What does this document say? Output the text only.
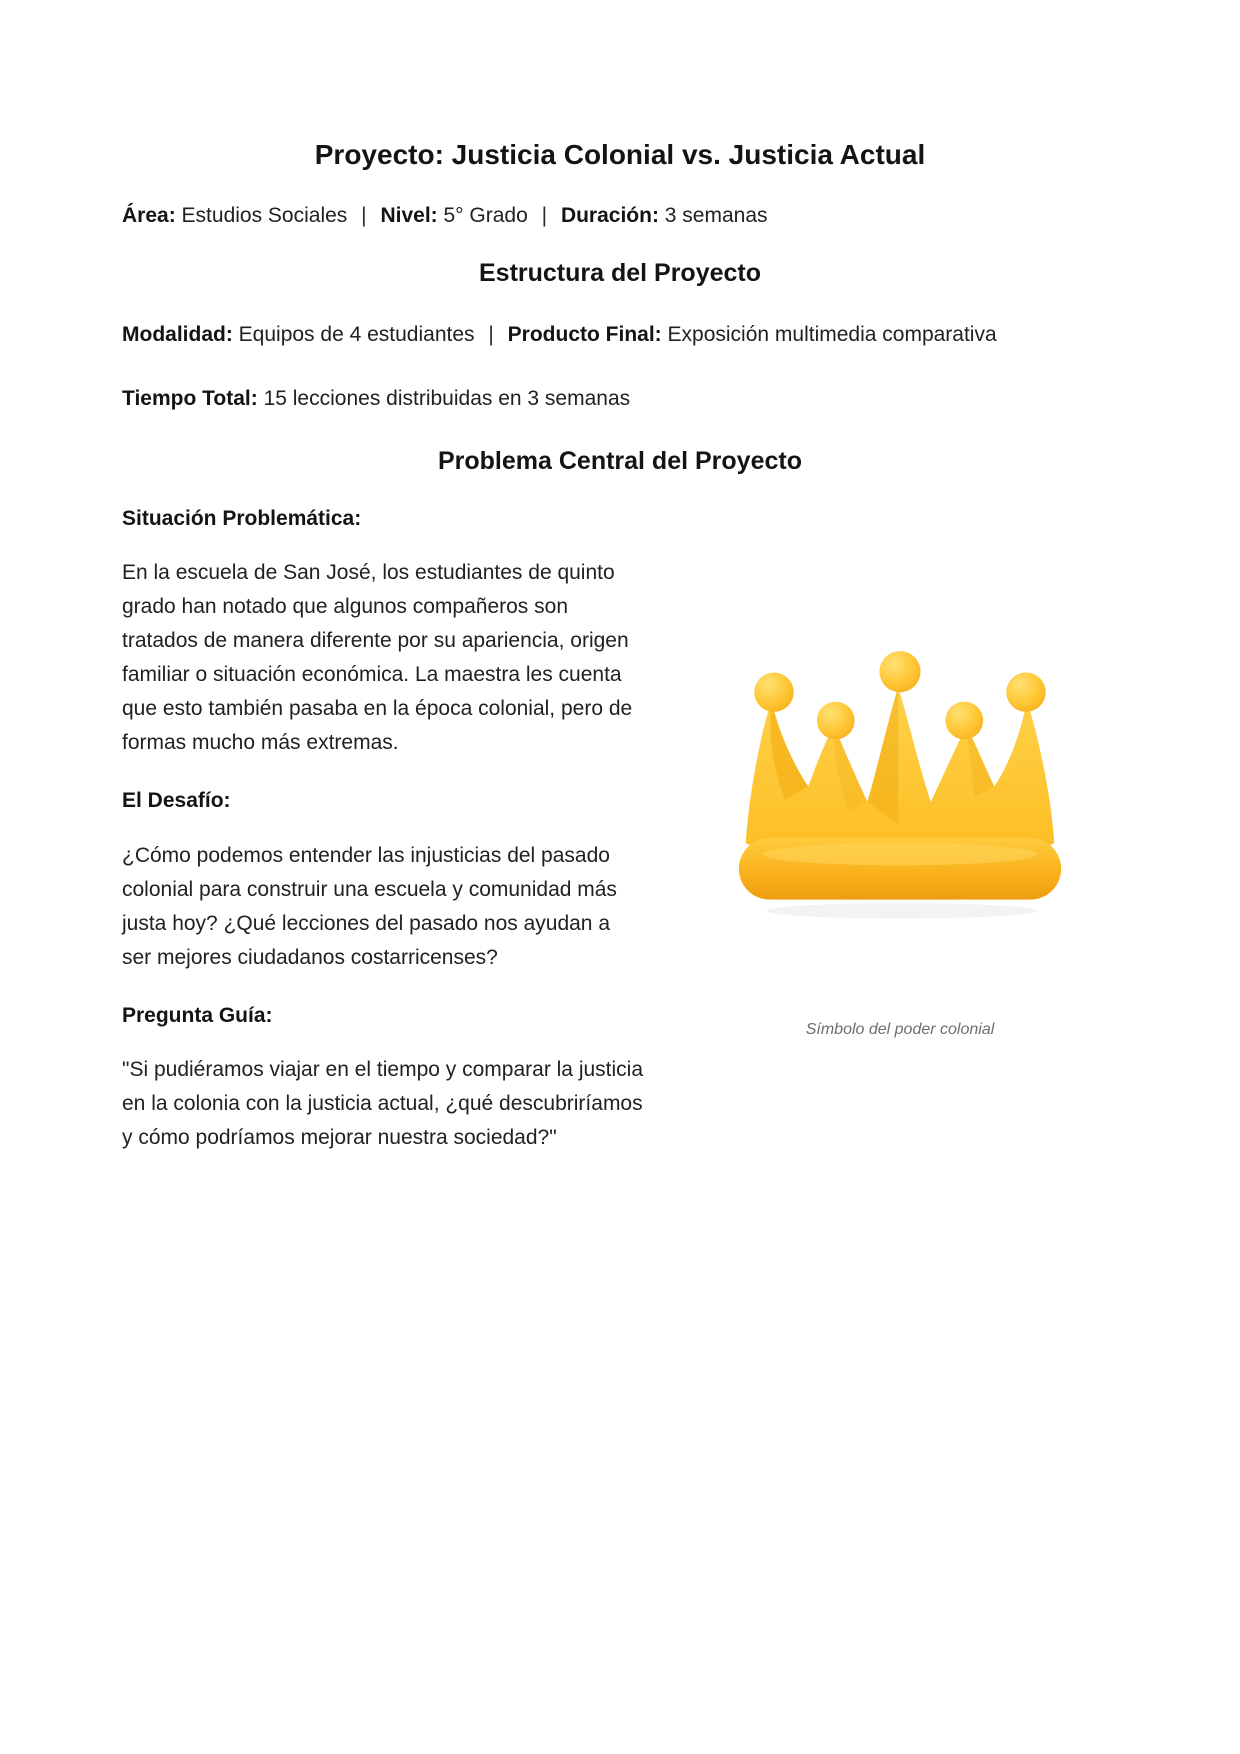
Proyecto: Justicia Colonial vs. Justicia Actual

Área: Estudios Sociales | Nivel: 5° Grado | Duración: 3 semanas

Estructura del Proyecto

Modalidad: Equipos de 4 estudiantes | Producto Final: Exposición multimedia comparativa

Tiempo Total: 15 lecciones distribuidas en 3 semanas

Problema Central del Proyecto
Situación Problemática:

En la escuela de San José, los estudiantes de quinto grado han notado que algunos compañeros son tratados de manera diferente por su apariencia, origen familiar o situación económica. La maestra les cuenta que esto también pasaba en la época colonial, pero de formas mucho más extremas.

El Desafío:

¿Cómo podemos entender las injusticias del pasado colonial para construir una escuela y comunidad más justa hoy? ¿Qué lecciones del pasado nos ayudan a ser mejores ciudadanos costarricenses?

Pregunta Guía:

"Si pudiéramos viajar en el tiempo y comparar la justicia en la colonia con la justicia actual, ¿qué descubriríamos y cómo podríamos mejorar nuestra sociedad?"

Símbolo del poder colonial
